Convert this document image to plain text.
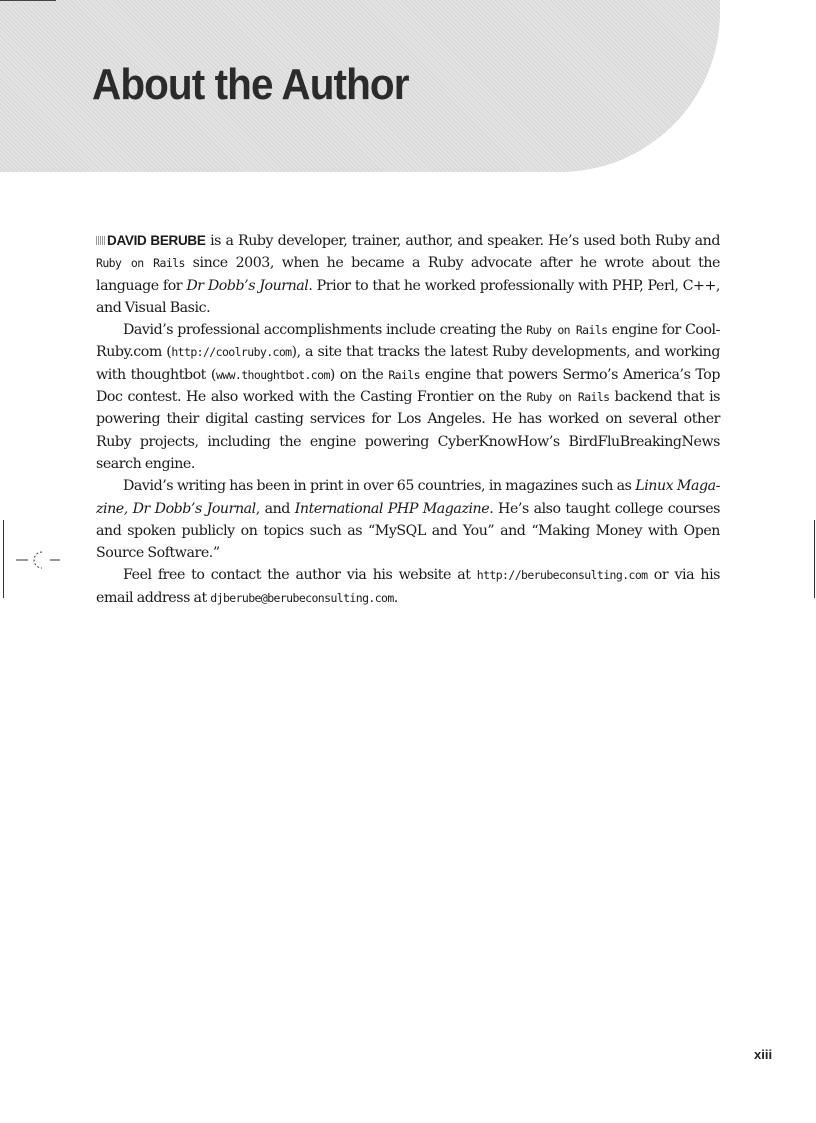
About the Author

DAVID BERUBE is a Ruby developer, trainer, author, and speaker. He’s used both Ruby and Ruby on Rails since 2003, when he became a Ruby advocate after he wrote about the language for Dr Dobb’s Journal. Prior to that he worked professionally with PHP, Perl, C++, and Visual Basic.

David’s professional accomplishments include creating the Ruby on Rails engine for Cool-Ruby.com (http://coolruby.com), a site that tracks the latest Ruby developments, and working with thoughtbot (www.thoughtbot.com) on the Rails engine that powers Sermo’s America’s Top Doc contest. He also worked with the Casting Frontier on the Ruby on Rails backend that is powering their digital casting services for Los Angeles. He has worked on several other Ruby projects, including the engine powering CyberKnowHow’s BirdFluBreakingNews search engine.

David’s writing has been in print in over 65 countries, in magazines such as Linux Maga-zine, Dr Dobb’s Journal, and International PHP Magazine. He’s also taught college courses and spoken publicly on topics such as “MySQL and You” and “Making Money with Open Source Software.”

Feel free to contact the author via his website at http://berubeconsulting.com or via his email address at djberube@berubeconsulting.com.

xiii
